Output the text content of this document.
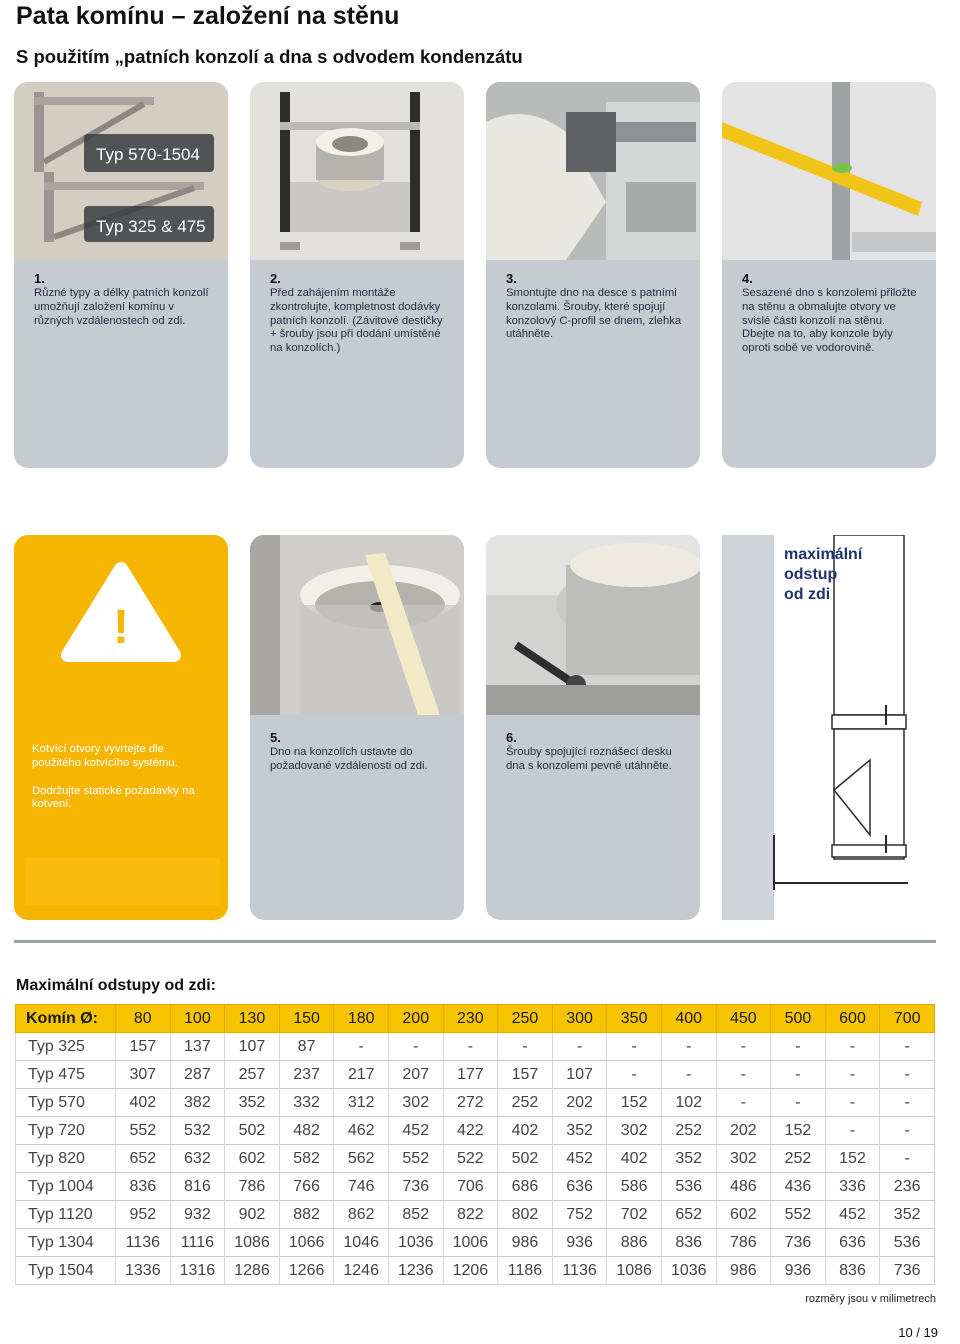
Pata komínu – založení na stěnu
S použitím „patních konzolí a dna s odvodem kondenzátu
Typ 570-1504
Typ 325 & 475
1.

Různé typy a délky patních konzolí umožňují založení komínu v různých vzdálenostech od zdi.

2.

Před zahájením montáže zkontrolujte, kompletnost dodávky patních konzolí. (Závitové destičky + šrouby jsou při dodání umístěné na konzolích.)

3.

Smontujte dno na desce s patními konzolami. Šrouby, které spojují konzolový C-profil se dnem, zlehka utáhněte.

4.

Sesazené dno s konzolemi přiložte na stěnu a obmalujte otvory ve svislé části konzolí na stěnu.

Dbejte na to, aby konzole byly oproti sobě ve vodorovině.

!

Kotvící otvory vyvrtejte dle použitého kotvícího systému.

Dodržujte statické požadavky na kotvení.

5.

Dno na konzolích ustavte do požadované vzdálenosti od zdi.

6.

Šrouby spojující roznášecí desku dna s konzolemi pevně utáhněte.

maximální
odstup
od zdi
Maximální odstupy od zdi:
Komín Ø:	80	100	130	150	180	200	230	250	300	350	400	450	500	600	700
Typ 325	157	137	107	87	-	-	-	-	-	-	-	-	-	-	-
Typ 475	307	287	257	237	217	207	177	157	107	-	-	-	-	-	-
Typ 570	402	382	352	332	312	302	272	252	202	152	102	-	-	-	-
Typ 720	552	532	502	482	462	452	422	402	352	302	252	202	152	-	-
Typ 820	652	632	602	582	562	552	522	502	452	402	352	302	252	152	-
Typ 1004	836	816	786	766	746	736	706	686	636	586	536	486	436	336	236
Typ 1120	952	932	902	882	862	852	822	802	752	702	652	602	552	452	352
Typ 1304	1136	1116	1086	1066	1046	1036	1006	986	936	886	836	786	736	636	536
Typ 1504	1336	1316	1286	1266	1246	1236	1206	1186	1136	1086	1036	986	936	836	736
rozměry jsou v milimetrech
10 / 19
